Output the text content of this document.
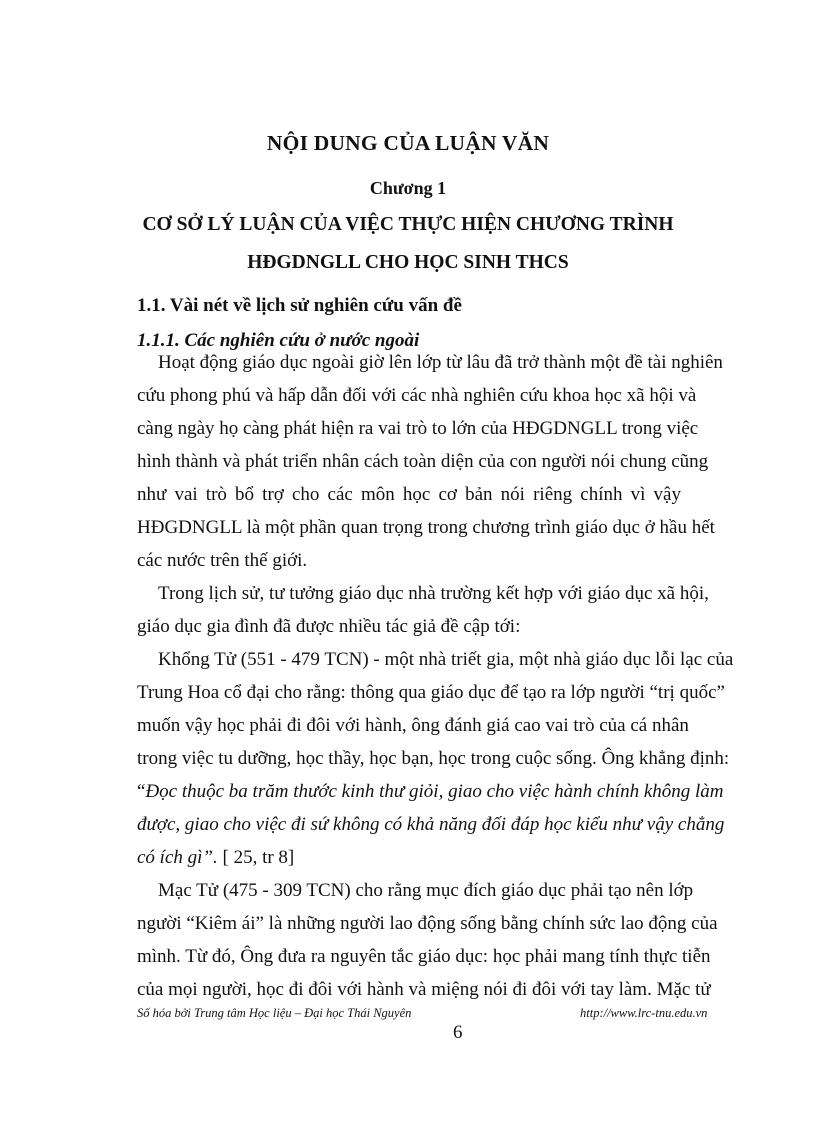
NỘI DUNG CỦA LUẬN VĂN
Chương 1
CƠ SỞ LÝ LUẬN CỦA VIỆC THỰC HIỆN CHƯƠNG TRÌNH
HĐGDNGLL CHO HỌC SINH THCS
1.1. Vài nét về lịch sử nghiên cứu vấn đề
1.1.1. Các nghiên cứu ở nước ngoài
Hoạt động giáo dục ngoài giờ lên lớp từ lâu đã trở thành một đề tài nghiên
cứu phong phú và hấp dẫn đối với các nhà nghiên cứu khoa học xã hội và
càng ngày họ càng phát hiện ra vai trò to lớn của HĐGDNGLL trong việc
hình thành và phát triển nhân cách toàn diện của con người nói chung cũng
như vai trò bổ trợ cho các môn học cơ bản nói riêng chính vì vậy
HĐGDNGLL là một phần quan trọng trong chương trình giáo dục ở hầu hết
các nước trên thế giới.
Trong lịch sử, tư tưởng giáo dục nhà trường kết hợp với giáo dục xã hội,
giáo dục gia đình đã được nhiều tác giả đề cập tới:
Khổng Tử (551 - 479 TCN) - một nhà triết gia, một nhà giáo dục lỗi lạc của
Trung Hoa cổ đại cho rằng: thông qua giáo dục để tạo ra lớp người “trị quốc”
muốn vậy học phải đi đôi với hành, ông đánh giá cao vai trò của cá nhân
trong việc tu dưỡng, học thầy, học bạn, học trong cuộc sống. Ông khẳng định:
“Đọc thuộc ba trăm thước kinh thư giỏi, giao cho việc hành chính không làm
được, giao cho việc đi sứ không có khả năng đối đáp học kiểu như vậy chẳng
có ích gì”. [ 25, tr 8]
Mạc Tử (475 - 309 TCN) cho rằng mục đích giáo dục phải tạo nên lớp
người “Kiêm ái” là những người lao động sống bằng chính sức lao động của
mình. Từ đó, Ông đưa ra nguyên tắc giáo dục: học phải mang tính thực tiễn
của mọi người, học đi đôi với hành và miệng nói đi đôi với tay làm. Mặc tử
Số hóa bởi Trung tâm Học liệu – Đại học Thái Nguyên
6
http://www.lrc-tnu.edu.vn
